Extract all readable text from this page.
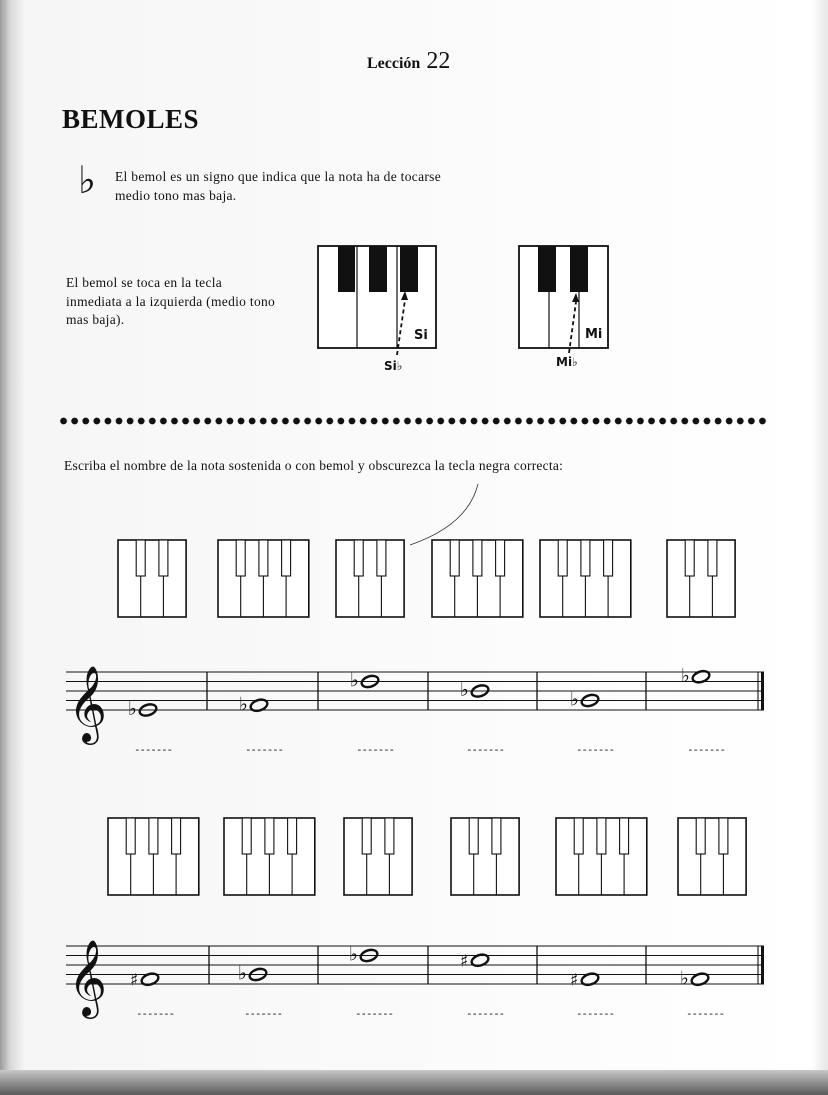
Si
Si♭
Mi
Mi♭
𝄞 ♭
-------
♭
-------
♭
-------
♭
-------
♭
-------
♭
-------
𝄞 ♯
-------
♭
-------
♭
-------
♯
-------
♯
-------
♭
-------

Lección 22

BEMOLES

♭ El bemol es un signo que indica que la nota ha de tocarse medio tono mas baja.

El bemol se toca en la tecla inmediata a la izquierda (medio tono mas baja).

Escriba el nombre de la nota sostenida o con bemol y obscurezca la tecla negra correcta:
